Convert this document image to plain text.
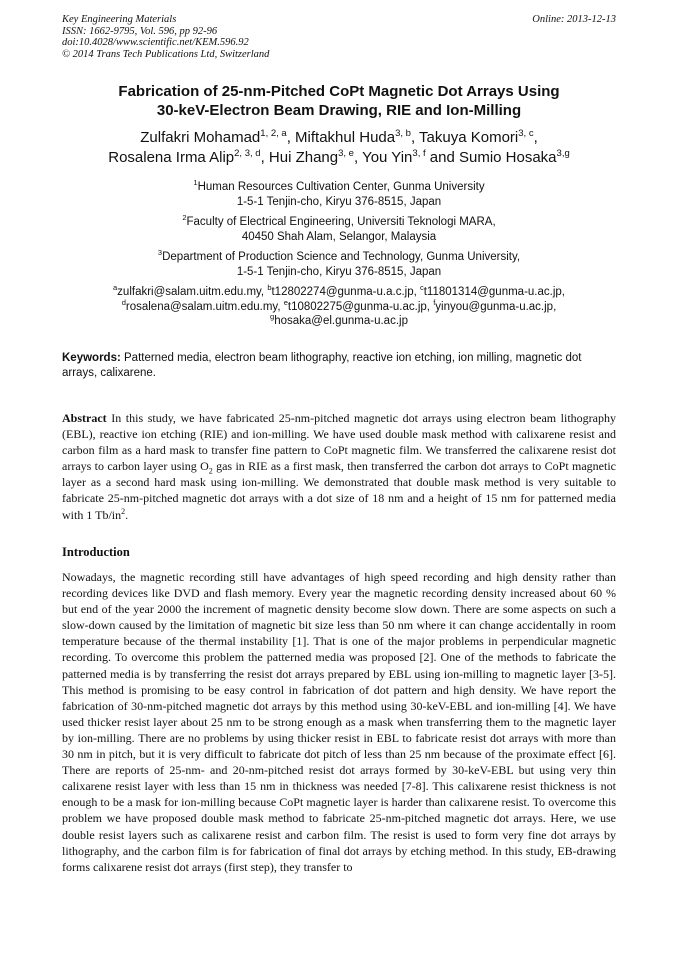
Key Engineering Materials
ISSN: 1662-9795, Vol. 596, pp 92-96
doi:10.4028/www.scientific.net/KEM.596.92
© 2014 Trans Tech Publications Ltd, Switzerland
Online: 2013-12-13
Fabrication of 25-nm-Pitched CoPt Magnetic Dot Arrays Using
30-keV-Electron Beam Drawing, RIE and Ion-Milling
Zulfakri Mohamad$^{1, 2, a}$, Miftakhul Huda$^{3, b}$, Takuya Komori$^{3, c}$,
Rosalena Irma Alip$^{2, 3, d}$, Hui Zhang$^{3, e}$, You Yin$^{3, f}$ and Sumio Hosaka$^{3,g}$
$^1$Human Resources Cultivation Center, Gunma University
1-5-1 Tenjin-cho, Kiryu 376-8515, Japan
$^2$Faculty of Electrical Engineering, Universiti Teknologi MARA,
40450 Shah Alam, Selangor, Malaysia
$^3$Department of Production Science and Technology, Gunma University,
1-5-1 Tenjin-cho, Kiryu 376-8515, Japan
$^a$zulfakri@salam.uitm.edu.my, $^b$t12802274@gunma-u.a.c.jp, $^c$t11801314@gunma-u.ac.jp,
$^d$rosalena@salam.uitm.edu.my, $^e$t10802275@gunma-u.ac.jp, $^f$yinyou@gunma-u.ac.jp,
$^g$hosaka@el.gunma-u.ac.jp
Keywords: Patterned media, electron beam lithography, reactive ion etching, ion milling, magnetic dot arrays, calixarene.
Abstract In this study, we have fabricated 25-nm-pitched magnetic dot arrays using electron beam lithography (EBL), reactive ion etching (RIE) and ion-milling. We have used double mask method with calixarene resist and carbon film as a hard mask to transfer fine pattern to CoPt magnetic film. We transferred the calixarene resist dot arrays to carbon layer using $O_2$ gas in RIE as a first mask, then transferred the carbon dot arrays to CoPt magnetic layer as a second hard mask using ion-milling. We demonstrated that double mask method is very suitable to fabricate 25-nm-pitched magnetic dot arrays with a dot size of 18 nm and a height of 15 nm for patterned media with 1 $Tb/in^2$.
Introduction
Nowadays, the magnetic recording still have advantages of high speed recording and high density rather than recording devices like DVD and flash memory. Every year the magnetic recording density increased about 60 % but end of the year 2000 the increment of magnetic density become slow down. There are some aspects on such a slow-down caused by the limitation of magnetic bit size less than 50 nm where it can change accidentally in room temperature because of the thermal instability [1]. That is one of the major problems in perpendicular magnetic recording. To overcome this problem the patterned media was proposed [2]. One of the methods to fabricate the patterned media is by transferring the resist dot arrays prepared by EBL using ion-milling to magnetic layer [3-5]. This method is promising to be easy control in fabrication of dot pattern and high density. We have report the fabrication of 30-nm-pitched magnetic dot arrays by this method using 30-keV-EBL and ion-milling [4]. We have used thicker resist layer about 25 nm to be strong enough as a mask when transferring them to the magnetic layer by ion-milling. There are no problems by using thicker resist in EBL to fabricate resist dot arrays with more than 30 nm in pitch, but it is very difficult to fabricate dot pitch of less than 25 nm because of the proximate effect [6]. There are reports of 25-nm- and 20-nm-pitched resist dot arrays formed by 30-keV-EBL but using very thin calixarene resist layer with less than 15 nm in thickness was needed [7-8]. This calixarene resist thickness is not enough to be a mask for ion-milling because CoPt magnetic layer is harder than calixarene resist. To overcome this problem we have proposed double mask method to fabricate 25-nm-pitched magnetic dot arrays. Here, we use double resist layers such as calixarene resist and carbon film. The resist is used to form very fine dot arrays by lithography, and the carbon film is for fabrication of final dot arrays by etching method. In this study, EB-drawing forms calixarene resist dot arrays (first step), they transfer to
